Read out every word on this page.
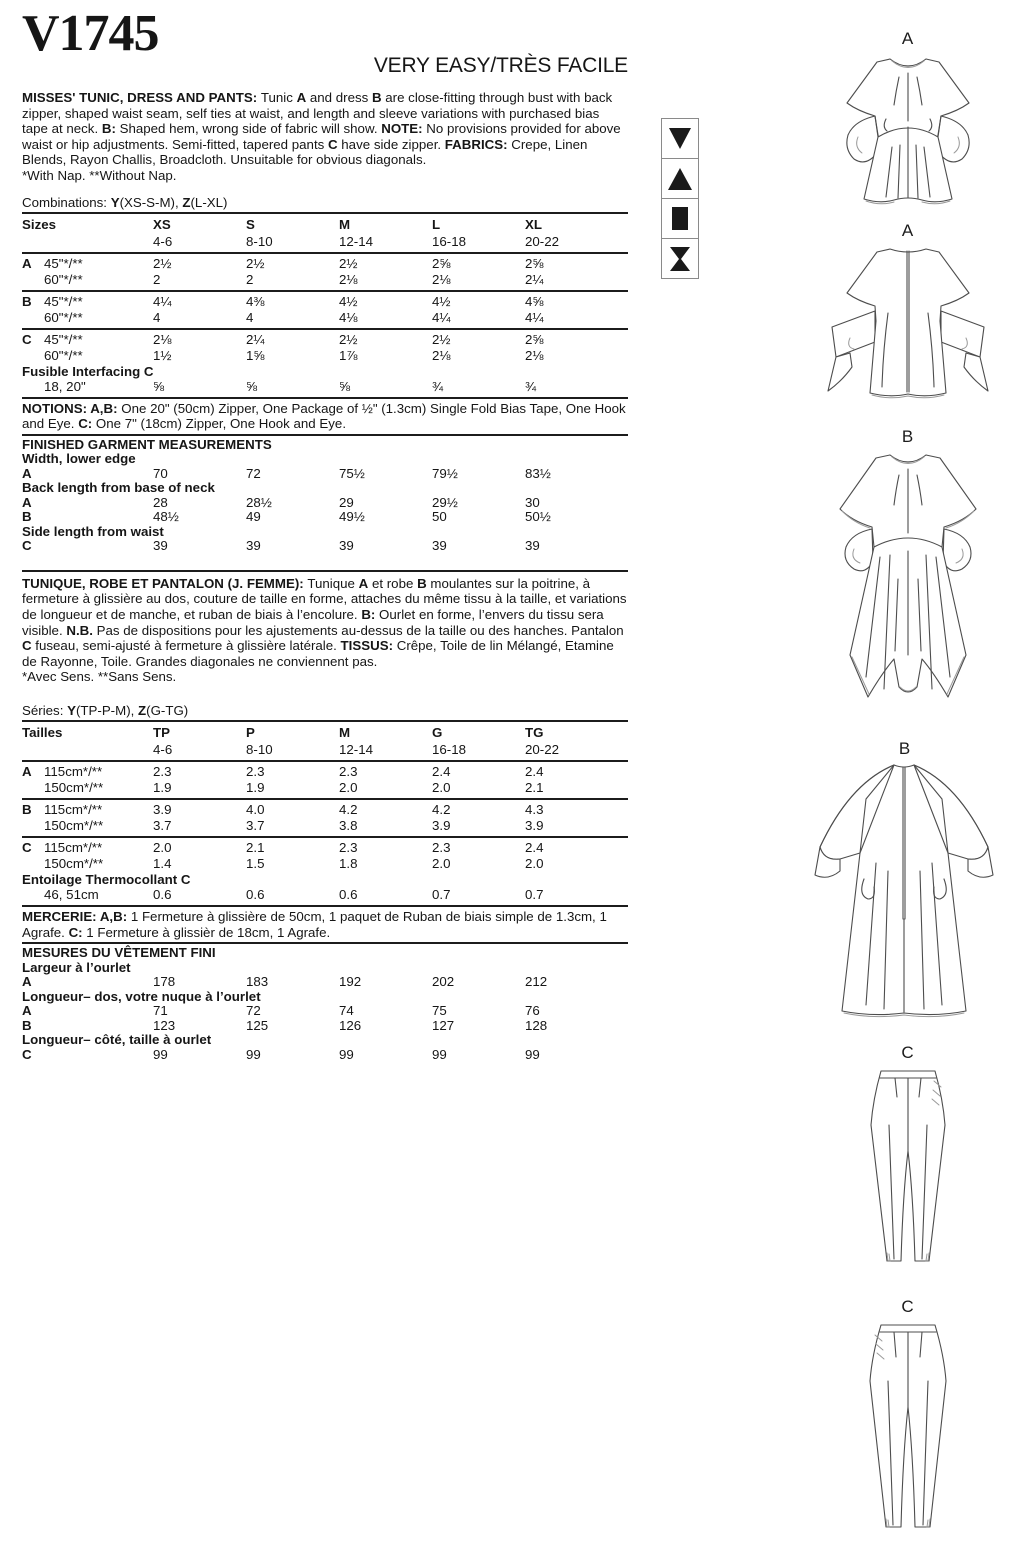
V1745
VERY EASY/TRÈS FACILE

MISSES' TUNIC, DRESS AND PANTS: Tunic A and dress B are close-fitting through bust with back zipper, shaped waist seam, self ties at waist, and length and sleeve variations with purchased bias tape at neck. B: Shaped hem, wrong side of fabric will show. NOTE: No provisions provided for above waist or hip adjustments. Semi-fitted, tapered pants C have side zipper. FABRICS: Crepe, Linen Blends, Rayon Challis, Broadcloth. Unsuitable for obvious diagonals.

*With Nap. **Without Nap.

Combinations: Y(XS-S-M), Z(L-XL)

Sizes	XS	S	M	L	XL
4-6	8-10	12-14	16-18	20-22
A 45"*/**	2½	2½	2½	2⅝	2⅝
60"*/**	2	2	2⅛	2⅛	2¼
B 45"*/**	4¼	4⅜	4½	4½	4⅝
60"*/**	4	4	4⅛	4¼	4¼
C 45"*/**	2⅛	2¼	2½	2½	2⅝
60"*/**	1½	1⅝	1⅞	2⅛	2⅛
Fusible Interfacing C
18, 20"	⅝	⅝	⅝	¾	¾

NOTIONS: A,B: One 20" (50cm) Zipper, One Package of ½" (1.3cm) Single Fold Bias Tape, One Hook and Eye. C: One 7" (18cm) Zipper, One Hook and Eye.

FINISHED GARMENT MEASUREMENTS
Width, lower edge
A	70	72	75½	79½	83½
Back length from base of neck
A	28	28½	29	29½	30
B	48½	49	49½	50	50½
Side length from waist
C	39	39	39	39	39

TUNIQUE, ROBE ET PANTALON (J. FEMME): Tunique A et robe B moulantes sur la poitrine, à fermeture à glissière au dos, couture de taille en forme, attaches du même tissu à la taille, et variations de longueur et de manche, et ruban de biais à l’encolure. B: Ourlet en forme, l’envers du tissu sera visible. N.B. Pas de dispositions pour les ajustements au-dessus de la taille ou des hanches. Pantalon C fuseau, semi-ajusté à fermeture à glissière latérale. TISSUS: Crêpe, Toile de lin Mélangé, Etamine de Rayonne, Toile. Grandes diagonales ne conviennent pas.

*Avec Sens. **Sans Sens.

Séries: Y(TP-P-M), Z(G-TG)

Tailles	TP	P	M	G	TG
4-6	8-10	12-14	16-18	20-22
A 115cm*/**	2.3	2.3	2.3	2.4	2.4
150cm*/**	1.9	1.9	2.0	2.0	2.1
B 115cm*/**	3.9	4.0	4.2	4.2	4.3
150cm*/**	3.7	3.7	3.8	3.9	3.9
C 115cm*/**	2.0	2.1	2.3	2.3	2.4
150cm*/**	1.4	1.5	1.8	2.0	2.0
Entoilage Thermocollant C
46, 51cm	0.6	0.6	0.6	0.7	0.7

MERCERIE: A,B: 1 Fermeture à glissière de 50cm, 1 paquet de Ruban de biais simple de 1.3cm, 1 Agrafe. C: 1 Fermeture à glissièr de 18cm, 1 Agrafe.

MESURES DU VÊTEMENT FINI
Largeur à l’ourlet
A	178	183	192	202	212
Longueur– dos, votre nuque à l’ourlet
A	71	72	74	75	76
B	123	125	126	127	128
Longueur– côté, taille à ourlet
C	99	99	99	99	99
A
A
B
B
C
C
